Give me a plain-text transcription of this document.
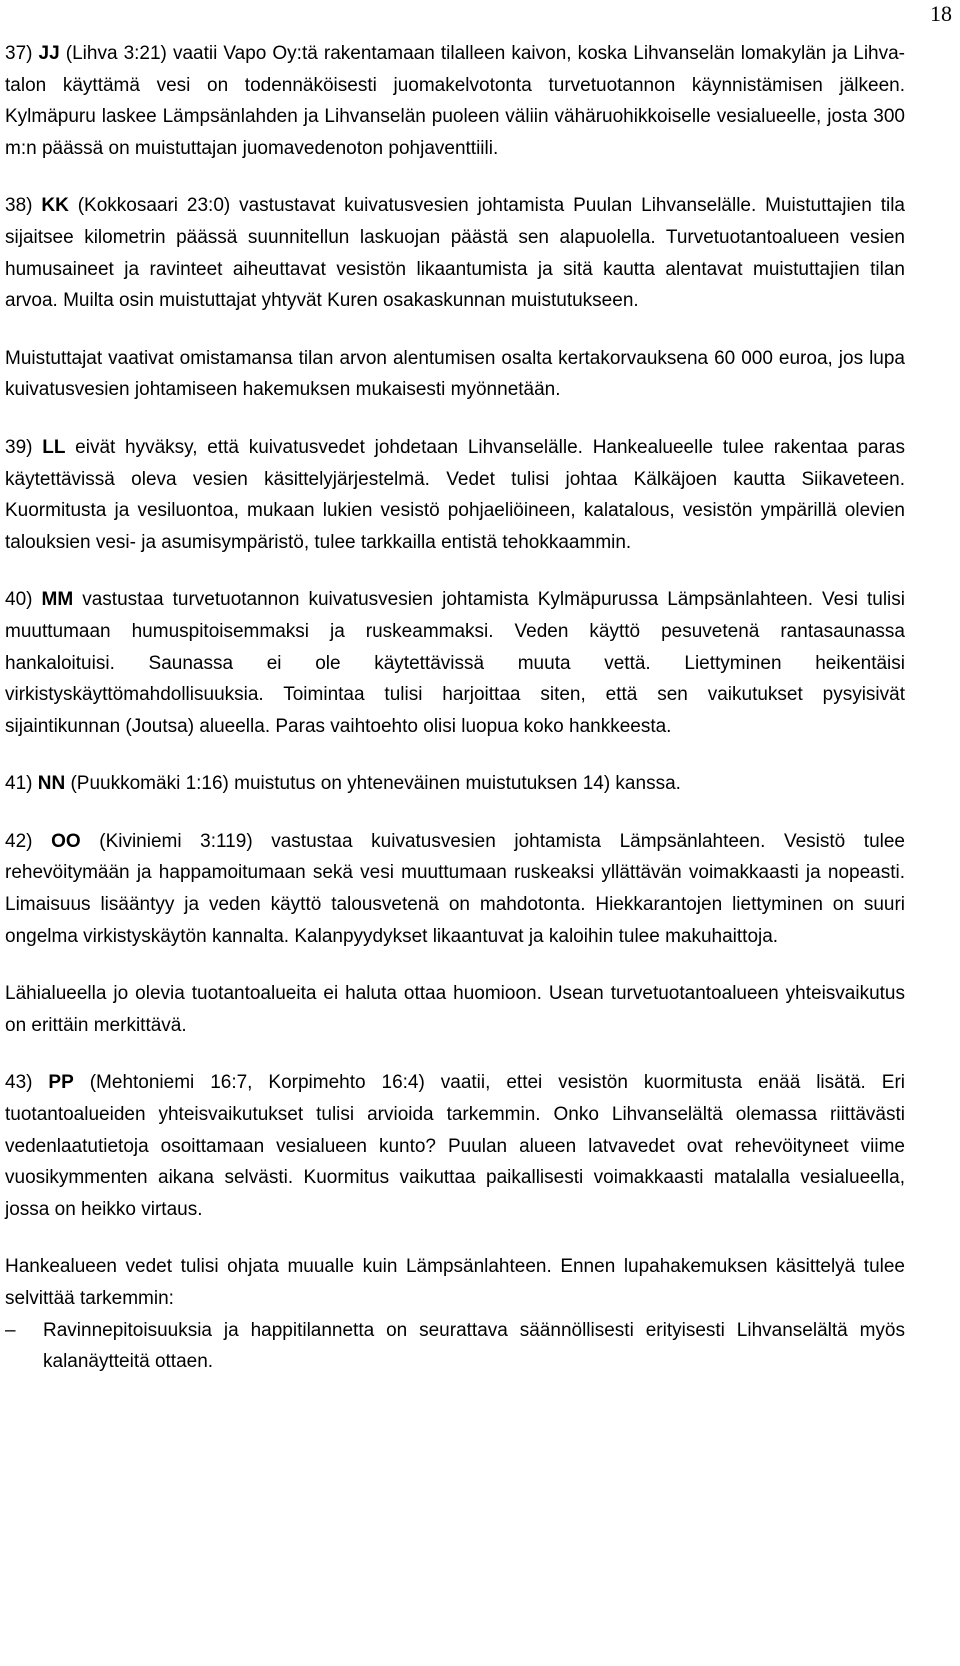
18

37) JJ (Lihva 3:21) vaatii Vapo Oy:tä rakentamaan tilalleen kaivon, koska Lihvanselän lomakylän ja Lihva-talon käyttämä vesi on todennäköisesti juomakelvotonta turvetuotannon käynnistämisen jälkeen. Kylmäpuru laskee Lämpsänlahden ja Lihvanselän puoleen väliin vähäruohikkoiselle vesialueelle, josta 300 m:n päässä on muistuttajan juomavedenoton pohjaventtiili.

38) KK (Kokkosaari 23:0) vastustavat kuivatusvesien johtamista Puulan Lihvanselälle. Muistuttajien tila sijaitsee kilometrin päässä suunnitellun laskuojan päästä sen alapuolella. Turvetuotantoalueen vesien humusaineet ja ravinteet aiheuttavat vesistön likaantumista ja sitä kautta alentavat muistuttajien tilan arvoa. Muilta osin muistuttajat yhtyvät Kuren osakaskunnan muistutukseen.

Muistuttajat vaativat omistamansa tilan arvon alentumisen osalta kertakorvauksena 60 000 euroa, jos lupa kuivatusvesien johtamiseen hakemuksen mukaisesti myönnetään.

39) LL eivät hyväksy, että kuivatusvedet johdetaan Lihvanselälle. Hankealueelle tulee rakentaa paras käytettävissä oleva vesien käsittelyjärjestelmä. Vedet tulisi johtaa Kälkäjoen kautta Siikaveteen. Kuormitusta ja vesiluontoa, mukaan lukien vesistö pohjaeliöineen, kalatalous, vesistön ympärillä olevien talouksien vesi- ja asumisympäristö, tulee tarkkailla entistä tehokkaammin.

40) MM vastustaa turvetuotannon kuivatusvesien johtamista Kylmäpurussa Lämpsänlahteen. Vesi tulisi muuttumaan humuspitoisemmaksi ja ruskeammaksi. Veden käyttö pesuvetenä rantasaunassa hankaloituisi. Saunassa ei ole käytettävissä muuta vettä. Liettyminen heikentäisi virkistyskäyttömahdollisuuksia. Toimintaa tulisi harjoittaa siten, että sen vaikutukset pysyisivät sijaintikunnan (Joutsa) alueella. Paras vaihtoehto olisi luopua koko hankkeesta.

41) NN (Puukkomäki 1:16) muistutus on yhteneväinen muistutuksen 14) kanssa.

42) OO (Kiviniemi 3:119) vastustaa kuivatusvesien johtamista Lämpsänlahteen. Vesistö tulee rehevöitymään ja happamoitumaan sekä vesi muuttumaan ruskeaksi yllättävän voimakkaasti ja nopeasti. Limaisuus lisääntyy ja veden käyttö talousvetenä on mahdotonta. Hiekkarantojen liettyminen on suuri ongelma virkistyskäytön kannalta. Kalanpyydykset likaantuvat ja kaloihin tulee makuhaittoja.

Lähialueella jo olevia tuotantoalueita ei haluta ottaa huomioon. Usean turvetuotantoalueen yhteisvaikutus on erittäin merkittävä.

43) PP (Mehtoniemi 16:7, Korpimehto 16:4) vaatii, ettei vesistön kuormitusta enää lisätä. Eri tuotantoalueiden yhteisvaikutukset tulisi arvioida tarkemmin. Onko Lihvanselältä olemassa riittävästi vedenlaatutietoja osoittamaan vesialueen kunto? Puulan alueen latvavedet ovat rehevöityneet viime vuosikymmenten aikana selvästi. Kuormitus vaikuttaa paikallisesti voimakkaasti matalalla vesialueella, jossa on heikko virtaus.

Hankealueen vedet tulisi ohjata muualle kuin Lämpsänlahteen. Ennen lupahakemuksen käsittelyä tulee selvittää tarkemmin:

–	Ravinnepitoisuuksia ja happitilannetta on seurattava säännöllisesti erityisesti Lihvanselältä myös kalanäytteitä ottaen.
